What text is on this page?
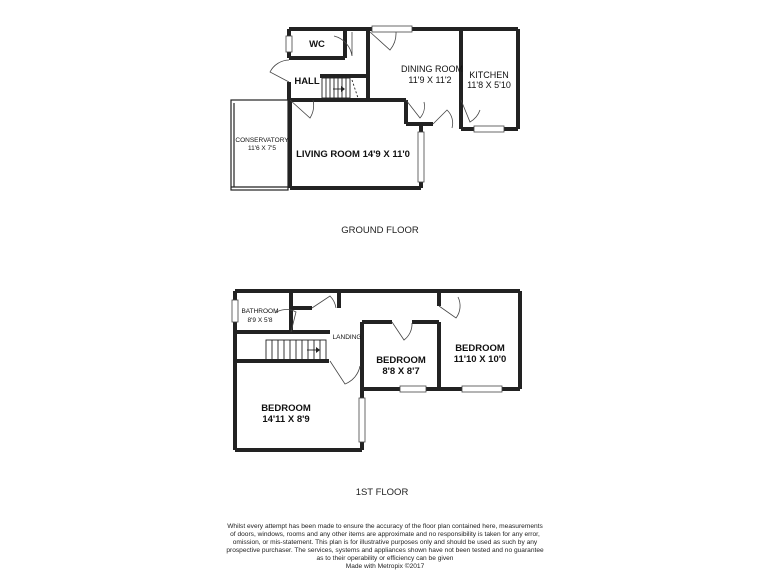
WC
HALL
DINING ROOM
11'9 X 11'2 KITCHEN
11'8 X 5'10
CONSERVATORY
11'6 X 7'5
LIVING ROOM 14'9 X 11'0
GROUND FLOOR
BATHROOM
8'9 X 5'8
LANDING
BEDROOM
8'8 X 8'7
BEDROOM
11'10 X 10'0
BEDROOM
14'11 X 8'9
1ST FLOOR
Whilst every attempt has been made to ensure the accuracy of the floor plan contained here, measurements
of doors, windows, rooms and any other items are approximate and no responsibility is taken for any error,
omission, or mis-statement. This plan is for illustrative purposes only and should be used as such by any
prospective purchaser. The services, systems and appliances shown have not been tested and no guarantee
as to their operability or efficiency can be given
Made with Metropix ©2017
